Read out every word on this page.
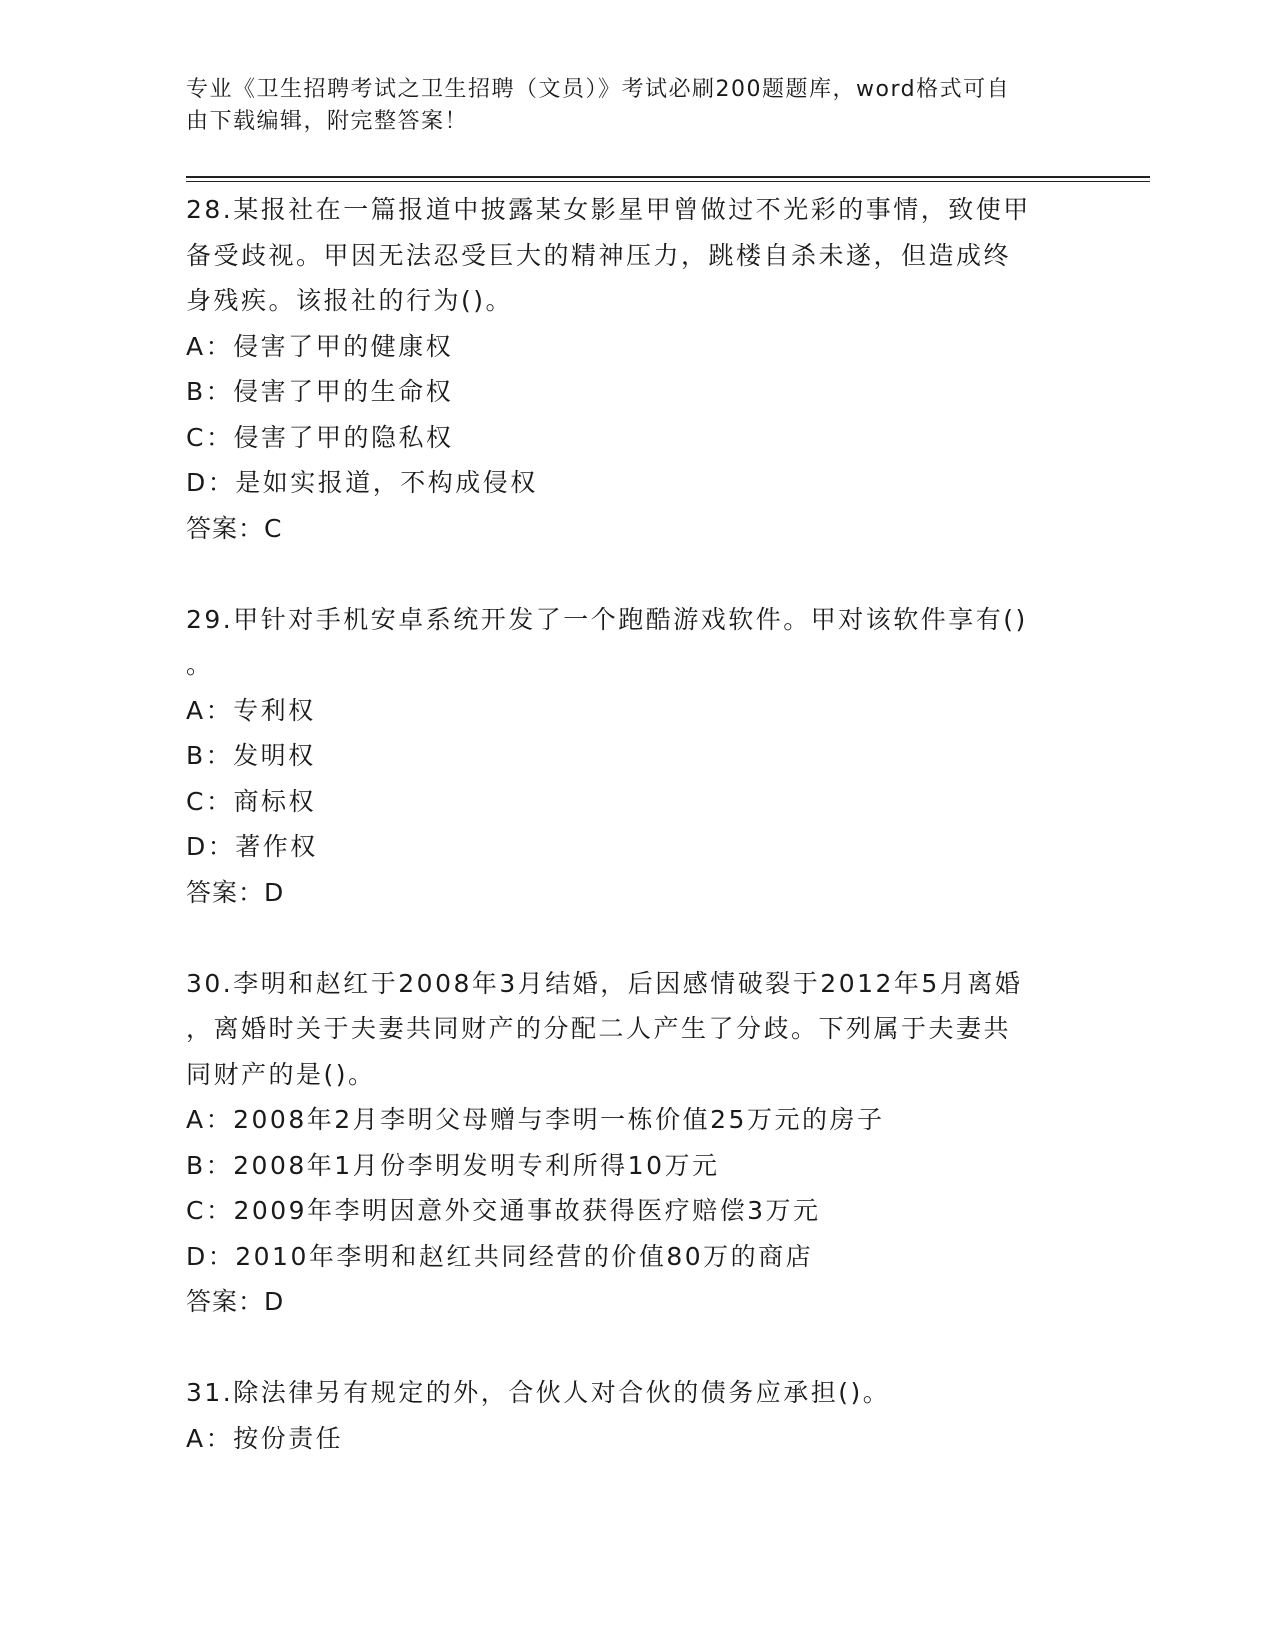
专业《卫生招聘考试之卫生招聘（文员）》考试必刷200题题库，word格式可自
由下载编辑，附完整答案！
28.某报社在一篇报道中披露某女影星甲曾做过不光彩的事情，致使甲
备受歧视。甲因无法忍受巨大的精神压力，跳楼自杀未遂，但造成终
身残疾。该报社的行为()。
A：侵害了甲的健康权
B：侵害了甲的生命权
C：侵害了甲的隐私权
D：是如实报道，不构成侵权
答案：C
29.甲针对手机安卓系统开发了一个跑酷游戏软件。甲对该软件享有()
。
A：专利权
B：发明权
C：商标权
D：著作权
答案：D
30.李明和赵红于2008年3月结婚，后因感情破裂于2012年5月离婚
，离婚时关于夫妻共同财产的分配二人产生了分歧。下列属于夫妻共
同财产的是()。
A：2008年2月李明父母赠与李明一栋价值25万元的房子
B：2008年1月份李明发明专利所得10万元
C：2009年李明因意外交通事故获得医疗赔偿3万元
D：2010年李明和赵红共同经营的价值80万的商店
答案：D
31.除法律另有规定的外，合伙人对合伙的债务应承担()。
A：按份责任
